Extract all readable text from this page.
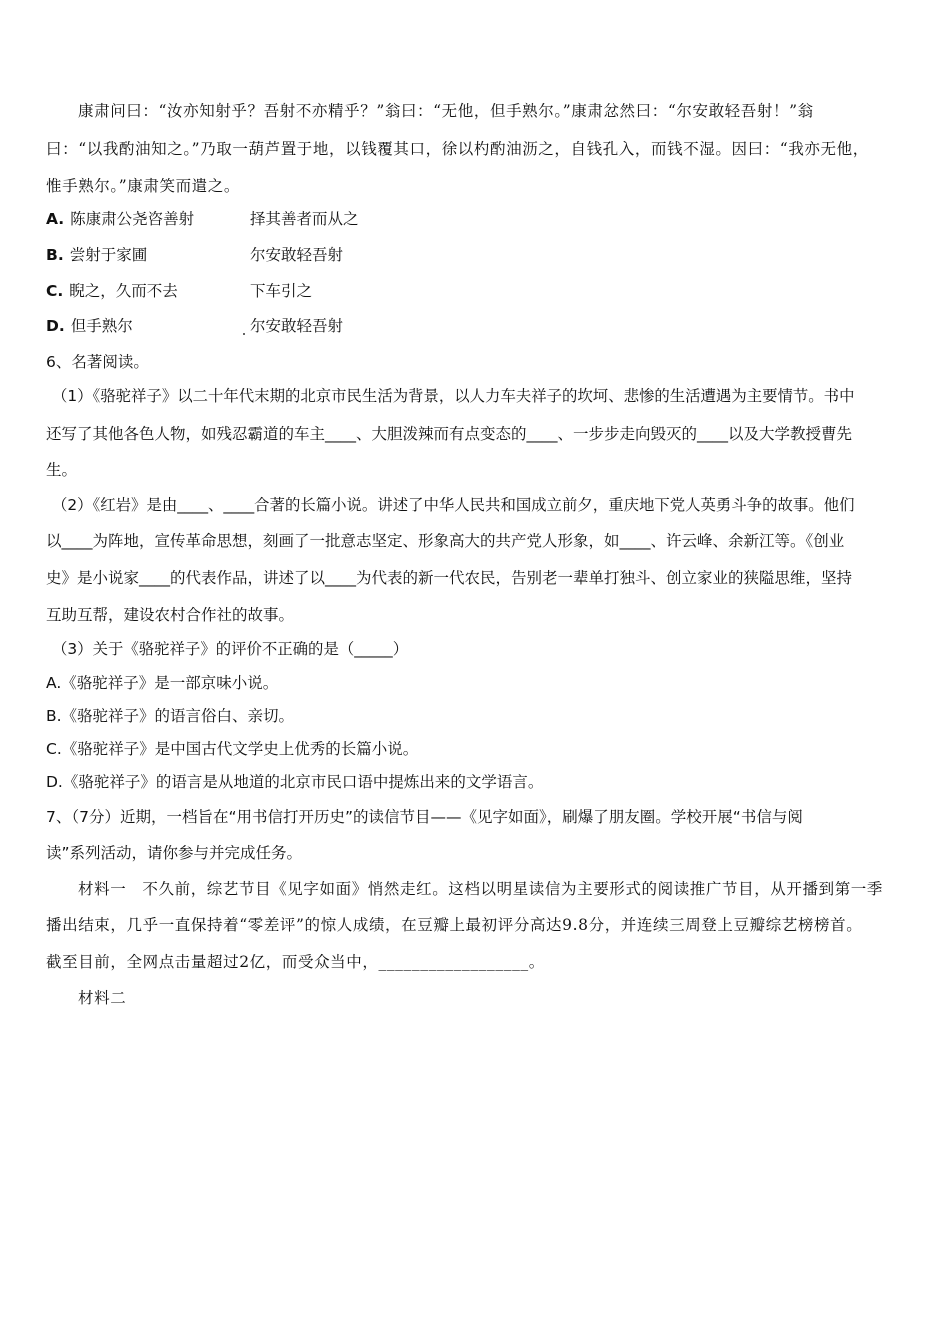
康肃问曰：“汝亦知射乎？吾射不亦精乎？”翁曰：“无他，但手熟尔。”康肃忿然曰：“尔安敢轻吾射！”翁
曰：“以我酌油知之。”乃取一葫芦置于地，以钱覆其口，徐以杓酌油沥之，自钱孔入，而钱不湿。因曰：“我亦无他，
惟手熟尔。”康肃笑而遣之。
A. 陈康肃公尧咨善射	择其善者而从之
B. 尝射于家圃	尔安敢轻吾射
C. 睨之，久而不去	下车引之
D. 但手熟尔	尔安敢轻吾射
6、名著阅读。
（1）《骆驼祥子》以二十年代末期的北京市民生活为背景，以人力车夫祥子的坎坷、悲惨的生活遭遇为主要情节。书中
还写了其他各色人物，如残忍霸道的车主____、大胆泼辣而有点变态的____、一步步走向毁灭的____以及大学教授曹先
生。
（2）《红岩》是由____、____合著的长篇小说。讲述了中华人民共和国成立前夕，重庆地下党人英勇斗争的故事。他们
以____为阵地，宣传革命思想，刻画了一批意志坚定、形象高大的共产党人形象，如____、许云峰、余新江等。《创业
史》是小说家____的代表作品，讲述了以____为代表的新一代农民，告别老一辈单打独斗、创立家业的狭隘思维，坚持
互助互帮，建设农村合作社的故事。
（3）关于《骆驼祥子》的评价不正确的是（_____）
A.《骆驼祥子》是一部京味小说。
B.《骆驼祥子》的语言俗白、亲切。
C.《骆驼祥子》是中国古代文学史上优秀的长篇小说。
D.《骆驼祥子》的语言是从地道的北京市民口语中提炼出来的文学语言。
7、（7分）近期，一档旨在“用书信打开历史”的读信节目——《见字如面》，刷爆了朋友圈。学校开展“书信与阅
读”系列活动，请你参与并完成任务。
材料一　不久前，综艺节目《见字如面》悄然走红。这档以明星读信为主要形式的阅读推广节目，从开播到第一季
播出结束，几乎一直保持着“零差评”的惊人成绩，在豆瓣上最初评分高达9.8分，并连续三周登上豆瓣综艺榜榜首。
截至目前，全网点击量超过2亿，而受众当中，__________________。
材料二
